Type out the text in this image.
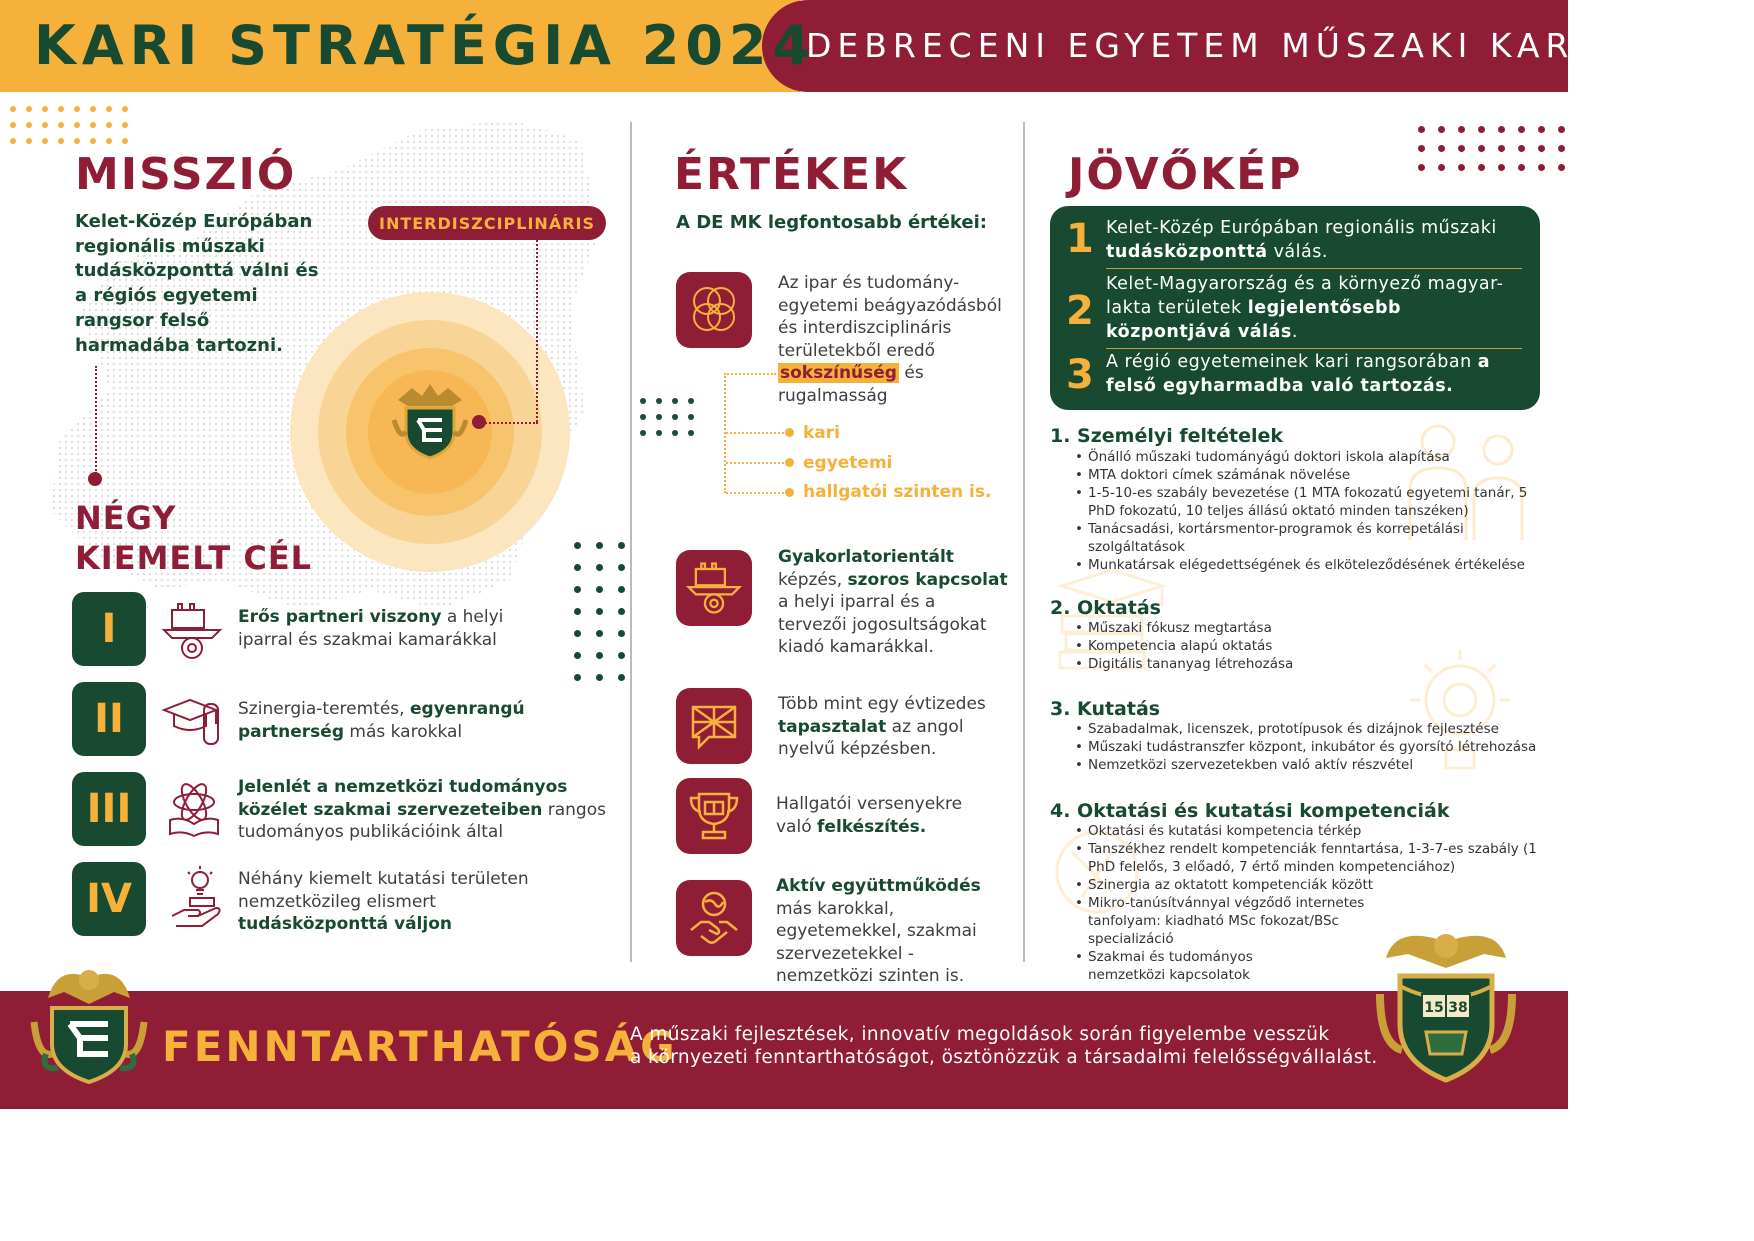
KARI STRATÉGIA 2024
DEBRECENI EGYETEM MŰSZAKI KAR
MISSZIÓ
Kelet-Közép Európában regionális műszaki tudásközponttá válni és a régiós egyetemi rangsor felső harmadába tartozni.
INTERDISZCIPLINÁRIS
NÉGY
KIEMELT CÉL
I	Erős partneri viszony a helyi iparral és szakmai kamarákkal
II	Szinergia-teremtés, egyenrangú partnerség más karokkal
III	Jelenlét a nemzetközi tudományos közélet szakmai szervezeteiben rangos tudományos publikációink által
IV	Néhány kiemelt kutatási területen nemzetközileg elismert tudásközponttá váljon
ÉRTÉKEK
A DE MK legfontosabb értékei:
Az ipar és tudomány-egyetemi beágyazódásból és interdiszciplináris területekből eredő sokszínűség és rugalmasság
kari
egyetemi
hallgatói szinten is.
Gyakorlatorientált képzés, szoros kapcsolat a helyi iparral és a tervezői jogosultságokat kiadó kamarákkal.
Több mint egy évtizedes tapasztalat az angol nyelvű képzésben.
Hallgatói versenyekre való felkészítés.
Aktív együttműködés más karokkal, egyetemekkel, szakmai szervezetekkel - nemzetközi szinten is.
JÖVŐKÉP
1 Kelet-Közép Európában regionális műszaki tudásközponttá válás.
2
Kelet-Magyarország és a környező magyar-lakta területek legjelentősebb központjává válás.
3 A régió egyetemeinek kari rangsorában a felső egyharmadba való tartozás.
1. Személyi feltételek
• Önálló műszaki tudományágú doktori iskola alapítása
• MTA doktori címek számának növelése
• 1-5-10-es szabály bevezetése (1 MTA fokozatú egyetemi tanár, 5 PhD fokozatú, 10 teljes állású oktató minden tanszéken)
• Tanácsadási, kortársmentor-programok és korrepetálási szolgáltatások
• Munkatársak elégedettségének és elköteleződésének értékelése
2. Oktatás
• Műszaki fókusz megtartása
• Kompetencia alapú oktatás
• Digitális tananyag létrehozása
3. Kutatás
• Szabadalmak, licenszek, prototípusok és dizájnok fejlesztése
• Műszaki tudástranszfer központ, inkubátor és gyorsító létrehozása
• Nemzetközi szervezetekben való aktív részvétel
4. Oktatási és kutatási kompetenciák
• Oktatási és kutatási kompetencia térkép
• Tanszékhez rendelt kompetenciák fenntartása, 1-3-7-es szabály (1 PhD felelős, 3 előadó, 7 értő minden kompetenciához)
• Szinergia az oktatott kompetenciák között
• Mikro-tanúsítvánnyal végződő internetes tanfolyam: kiadható MSc fokozat/BSc specializáció
• Szakmai és tudományos nemzetközi kapcsolatok
FENNTARTHATÓSÁG
A műszaki fejlesztések, innovatív megoldások során figyelembe vesszük
a környezeti fenntarthatóságot, ösztönözzük a társadalmi felelősségvállalást.
15 38
